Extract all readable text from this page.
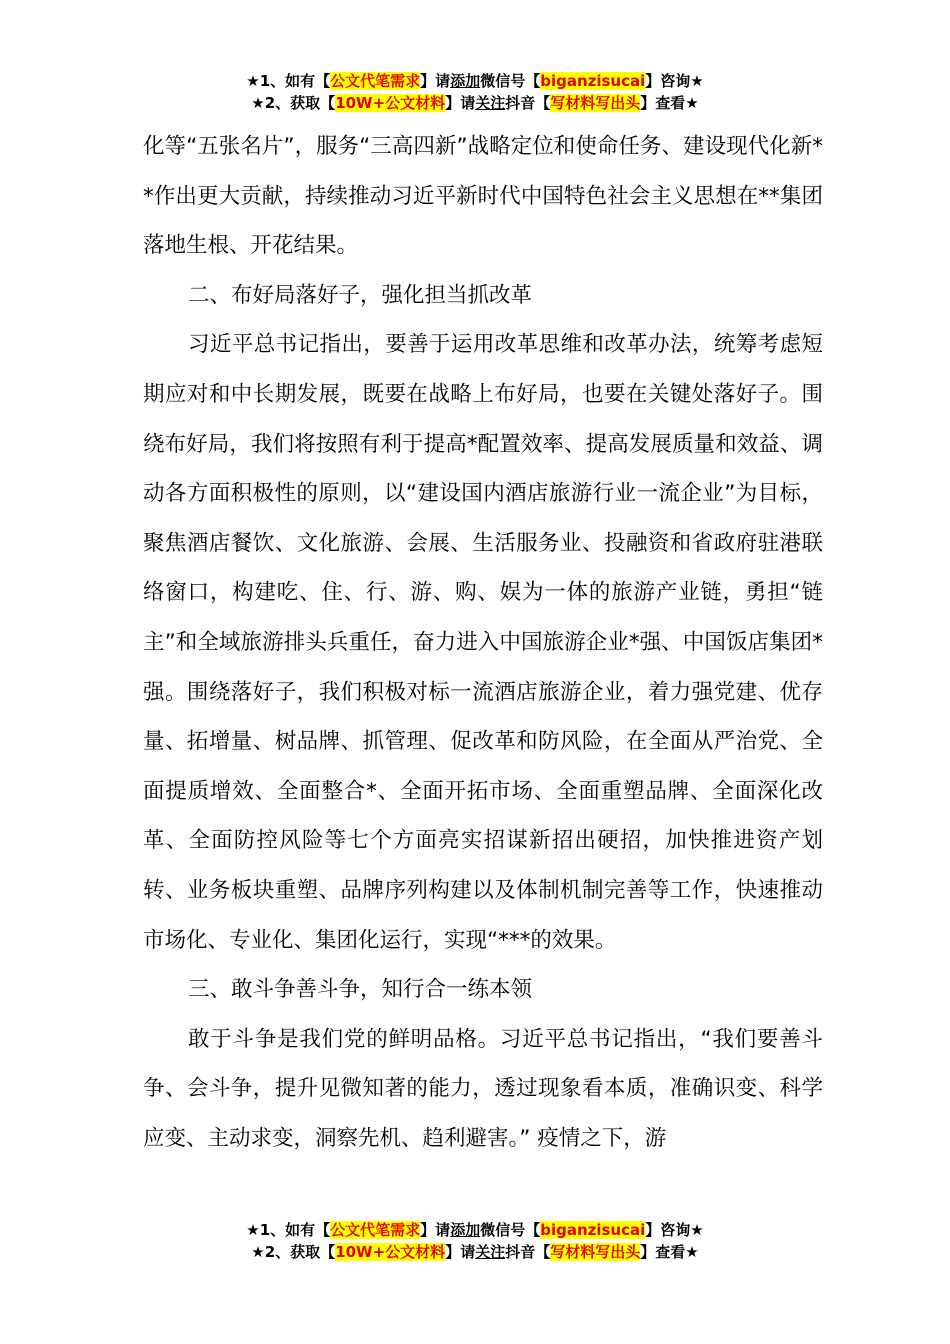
★1、如有【公文代笔需求】请添加微信号【biganzisucai】咨询★
★2、获取【10W+公文材料】请关注抖音【写材料写出头】查看★

化等“五张名片”，服务“三高四新”战略定位和使命任务、建设现代化新**作出更大贡献，持续推动习近平新时代中国特色社会主义思想在**集团落地生根、开花结果。

二、布好局落好子，强化担当抓改革

习近平总书记指出，要善于运用改革思维和改革办法，统筹考虑短期应对和中长期发展，既要在战略上布好局，也要在关键处落好子。围绕布好局，我们将按照有利于提高*配置效率、提高发展质量和效益、调动各方面积极性的原则，以“建设国内酒店旅游行业一流企业”为目标，聚焦酒店餐饮、文化旅游、会展、生活服务业、投融资和省政府驻港联络窗口，构建吃、住、行、游、购、娱为一体的旅游产业链，勇担“链主”和全域旅游排头兵重任，奋力进入中国旅游企业*强、中国饭店集团*强。围绕落好子，我们积极对标一流酒店旅游企业，着力强党建、优存量、拓增量、树品牌、抓管理、促改革和防风险，在全面从严治党、全面提质增效、全面整合*、全面开拓市场、全面重塑品牌、全面深化改革、全面防控风险等七个方面亮实招谋新招出硬招，加快推进资产划转、业务板块重塑、品牌序列构建以及体制机制完善等工作，快速推动市场化、专业化、集团化运行，实现“***的效果。

三、敢斗争善斗争，知行合一练本领

敢于斗争是我们党的鲜明品格。习近平总书记指出，“我们要善斗争、会斗争，提升见微知著的能力，透过现象看本质，准确识变、科学应变、主动求变，洞察先机、趋利避害。” 疫情之下，游

★1、如有【公文代笔需求】请添加微信号【biganzisucai】咨询★
★2、获取【10W+公文材料】请关注抖音【写材料写出头】查看★
